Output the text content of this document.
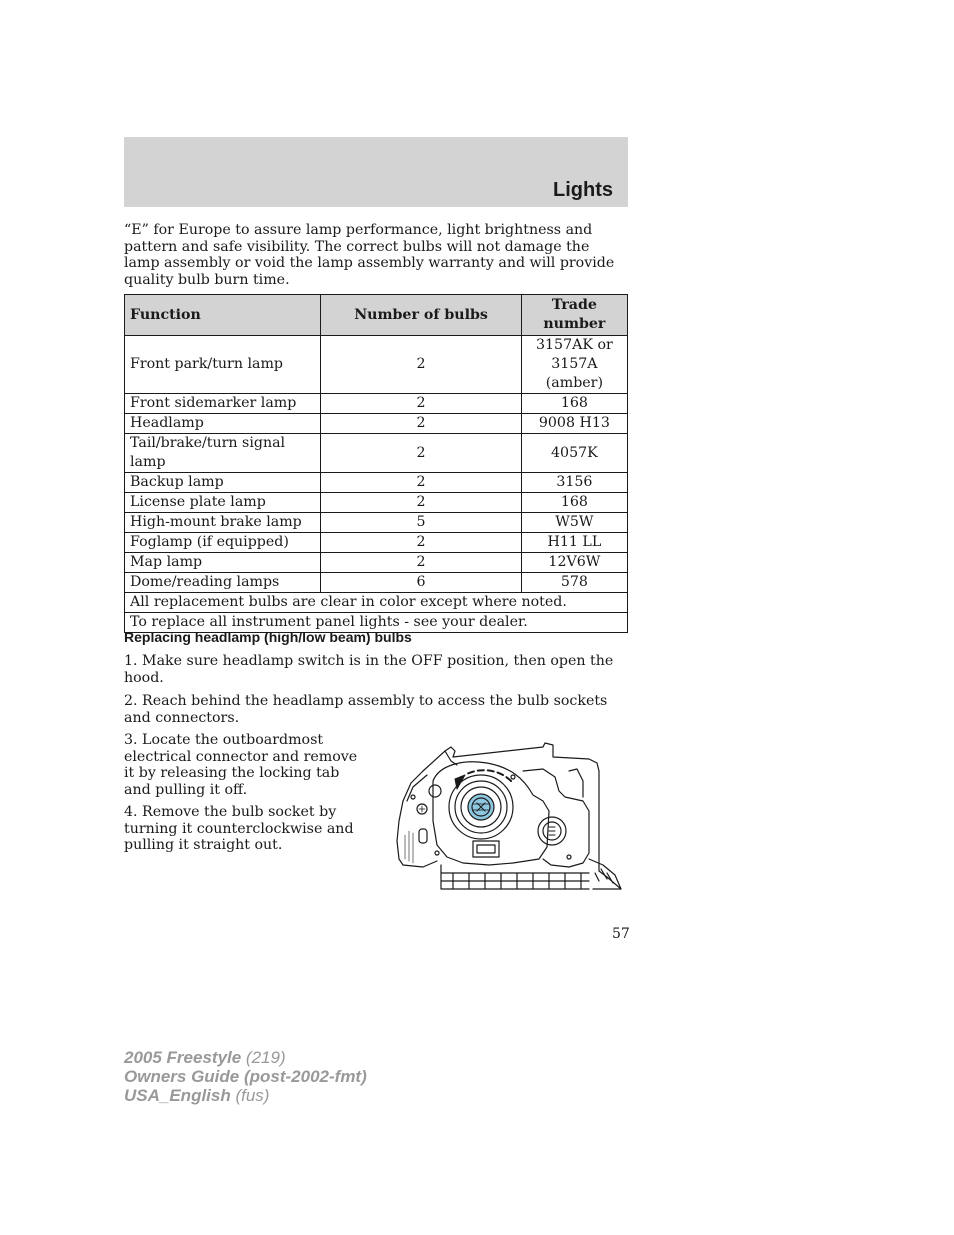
Lights
“E” for Europe to assure lamp performance, light brightness and pattern and safe visibility. The correct bulbs will not damage the lamp assembly or void the lamp assembly warranty and will provide quality bulb burn time.
Function	Number of bulbs	Trade number
Front park/turn lamp	2	3157AK or 3157A (amber)
Front sidemarker lamp	2	168
Headlamp	2	9008 H13
Tail/brake/turn signal lamp	2	4057K
Backup lamp	2	3156
License plate lamp	2	168
High-mount brake lamp	5	W5W
Foglamp (if equipped)	2	H11 LL
Map lamp	2	12V6W
Dome/reading lamps	6	578
All replacement bulbs are clear in color except where noted.		
To replace all instrument panel lights - see your dealer.		
Replacing headlamp (high/low beam) bulbs
1. Make sure headlamp switch is in the OFF position, then open the hood.
2. Reach behind the headlamp assembly to access the bulb sockets and connectors.
3. Locate the outboardmost electrical connector and remove it by releasing the locking tab and pulling it off.
4. Remove the bulb socket by turning it counterclockwise and pulling it straight out.
57
2005 Freestyle (219)
Owners Guide (post-2002-fmt)
USA_English (fus)
